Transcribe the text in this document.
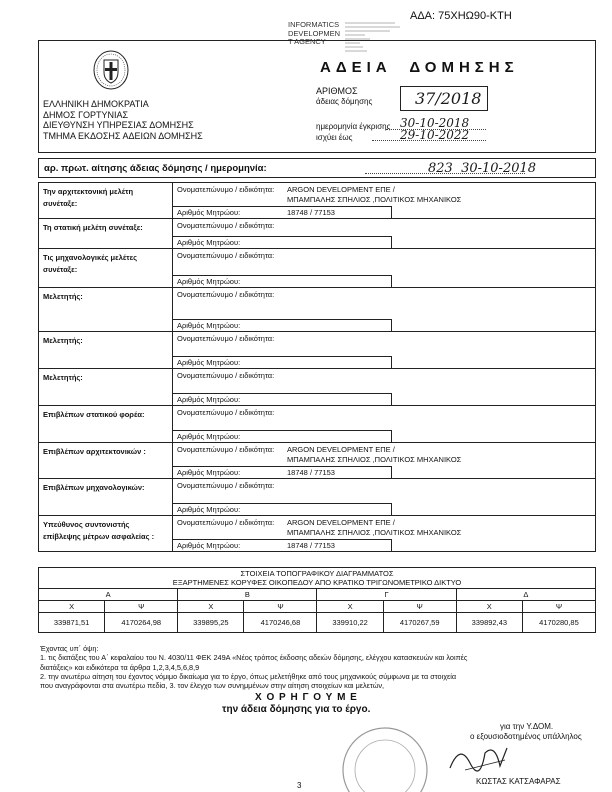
ΑΔΑ: 75ΧΗΩ90-ΚΤΗ
INFORMATICS
DEVELOPMEN
T AGENCY
ΕΛΛΗΝΙΚΗ ΔΗΜΟΚΡΑΤΙΑ
ΔΗΜΟΣ ΓΟΡΤΥΝΙΑΣ
ΔΙΕΥΘΥΝΣΗ ΥΠΗΡΕΣΙΑΣ ΔΟΜΗΣΗΣ
ΤΜΗΜΑ ΕΚΔΟΣΗΣ ΑΔΕΙΩΝ ΔΟΜΗΣΗΣ
ΑΔΕΙΑ  ΔΟΜΗΣΗΣ
ΑΡΙΘΜΟΣ
άδειας δόμησης	37/2018
ημερομηνία έγκρισης 30-10-2018
ισχύει έως	29-10-2022
αρ. πρωτ. αίτησης άδειας δόμησης / ημερομηνία:	823  30-10-2018
Την αρχιτεκτονική μελέτη συνέταξε:	Ονοματεπώνυμο / ειδικότητα: ARGON DEVELOPMENT ΕΠΕ /
ΜΠΑΜΠΑΛΗΣ ΣΠΗΛΙΟΣ ,ΠΟΛΙΤΙΚΟΣ ΜΗΧΑΝΙΚΟΣ
Αριθμός Μητρώου: 18748 / 77153

Τη στατική μελέτη συνέταξε:	Ονοματεπώνυμο / ειδικότητα:
Αριθμός Μητρώου:

Τις μηχανολογικές μελέτες συνέταξε:	Ονοματεπώνυμο / ειδικότητα:
Αριθμός Μητρώου:

Μελετητής:	Ονοματεπώνυμο / ειδικότητα:
Αριθμός Μητρώου:

Μελετητής:	Ονοματεπώνυμο / ειδικότητα:
Αριθμός Μητρώου:

Μελετητής:	Ονοματεπώνυμο / ειδικότητα:
Αριθμός Μητρώου:

Επιβλέπων στατικού φορέα:	Ονοματεπώνυμο / ειδικότητα:
Αριθμός Μητρώου:

Επιβλέπων αρχιτεκτονικών :	Ονοματεπώνυμο / ειδικότητα: ARGON DEVELOPMENT ΕΠΕ /
ΜΠΑΜΠΑΛΗΣ ΣΠΗΛΙΟΣ ,ΠΟΛΙΤΙΚΟΣ ΜΗΧΑΝΙΚΟΣ
Αριθμός Μητρώου: 18748 / 77153

Επιβλέπων μηχανολογικών:	Ονοματεπώνυμο / ειδικότητα:
Αριθμός Μητρώου:

Υπεύθυνος συντονιστής επίβλεψης μέτρων ασφαλείας :	Ονοματεπώνυμο / ειδικότητα: ARGON DEVELOPMENT ΕΠΕ /
ΜΠΑΜΠΑΛΗΣ ΣΠΗΛΙΟΣ ,ΠΟΛΙΤΙΚΟΣ ΜΗΧΑΝΙΚΟΣ
Αριθμός Μητρώου: 18748 / 77153
ΣΤΟΙΧΕΙΑ ΤΟΠΟΓΡΑΦΙΚΟΥ ΔΙΑΓΡΑΜΜΑΤΟΣ
ΕΞΑΡΤΗΜΕΝΕΣ ΚΟΡΥΦΕΣ ΟΙΚΟΠΕΔΟΥ ΑΠΟ ΚΡΑΤΙΚΟ ΤΡΙΓΩΝΟΜΕΤΡΙΚΟ ΔΙΚΤΥΟ							

Α		Β		Γ		Δ	
Χ	Ψ	Χ	Ψ	Χ	Ψ	Χ	Ψ
339871,51	4170264,98	339895,25	4170246,68	339910,22	4170267,59	339892,43	4170280,85
Έχοντας υπ΄ όψη:
1. τις διατάξεις του Α΄ κεφαλαίου του Ν. 4030/11 ΦΕΚ 249Α «Νέος τρόπος έκδοσης αδειών δόμησης, ελέγχου κατασκευών και λοιπές
διατάξεις» και ειδικότερα τα άρθρα 1,2,3,4,5,6,8,9
2. την ανωτέρω αίτηση του έχοντος νόμιμο δικαίωμα για το έργο, όπως μελετήθηκε από τους μηχανικούς σύμφωνα με τα στοιχεία
που αναγράφονται στα ανωτέρω πεδία, 3. τον έλεγχο των συνημμένων στην αίτηση στοιχείων και μελετών,
Χ Ο Ρ Η Γ Ο Υ Μ Ε
την άδεια δόμησης για το έργο.
για την Υ.ΔΟΜ.
ο εξουσιοδοτημένος υπάλληλος
ΚΩΣΤΑΣ ΚΑΤΣΑΦΑΡΑΣ
3
